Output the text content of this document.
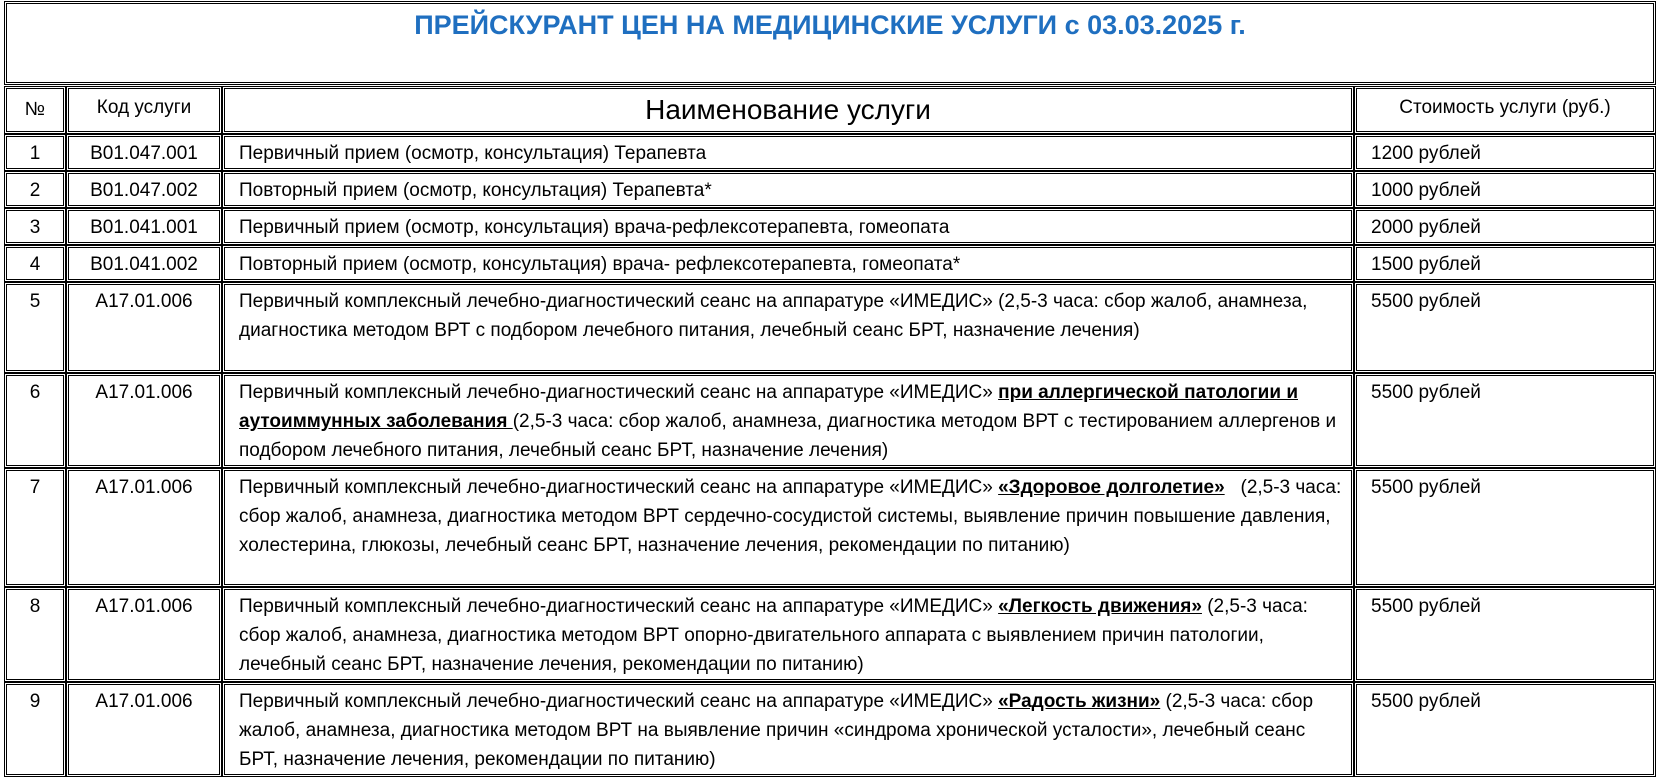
ПРЕЙСКУРАНТ ЦЕН НА МЕДИЦИНСКИЕ УСЛУГИ с 03.03.2025 г.
№	Код услуги	Наименование услуги	Стоимость услуги (руб.)
1	B01.047.001	Первичный прием (осмотр, консультация) Терапевта	1200 рублей
2	B01.047.002	Повторный прием (осмотр, консультация) Терапевта*	1000 рублей
3	B01.041.001	Первичный прием (осмотр, консультация) врача-рефлексотерапевта, гомеопата	2000 рублей
4	B01.041.002	Повторный прием (осмотр, консультация) врача- рефлексотерапевта, гомеопата*	1500 рублей
5	A17.01.006	Первичный комплексный лечебно-диагностический сеанс на аппаратуре «ИМЕДИС» (2,5-3 часа: сбор жалоб, анамнеза, диагностика методом ВРТ с подбором лечебного питания, лечебный сеанс БРТ, назначение лечения)	5500 рублей
6	A17.01.006	Первичный комплексный лечебно-диагностический сеанс на аппаратуре «ИМЕДИС» при аллергической патологии и аутоиммунных заболевания (2,5-3 часа: сбор жалоб, анамнеза, диагностика методом ВРТ с тестированием аллергенов и подбором лечебного питания, лечебный сеанс БРТ, назначение лечения)	5500 рублей
7	A17.01.006	Первичный комплексный лечебно-диагностический сеанс на аппаратуре «ИМЕДИС» «Здоровое долголетие»   (2,5-3 часа: сбор жалоб, анамнеза, диагностика методом ВРТ сердечно-сосудистой системы, выявление причин повышение давления, холестерина, глюкозы, лечебный сеанс БРТ, назначение лечения, рекомендации по питанию)	5500 рублей
8	A17.01.006	Первичный комплексный лечебно-диагностический сеанс на аппаратуре «ИМЕДИС» «Легкость движения» (2,5-3 часа: сбор жалоб, анамнеза, диагностика методом ВРТ опорно-двигательного аппарата с выявлением причин патологии, лечебный сеанс БРТ, назначение лечения, рекомендации по питанию)	5500 рублей
9	A17.01.006	Первичный комплексный лечебно-диагностический сеанс на аппаратуре «ИМЕДИС» «Радость жизни» (2,5-3 часа: сбор жалоб, анамнеза, диагностика методом ВРТ на выявление причин «синдрома хронической усталости», лечебный сеанс БРТ, назначение лечения, рекомендации по питанию)	5500 рублей
